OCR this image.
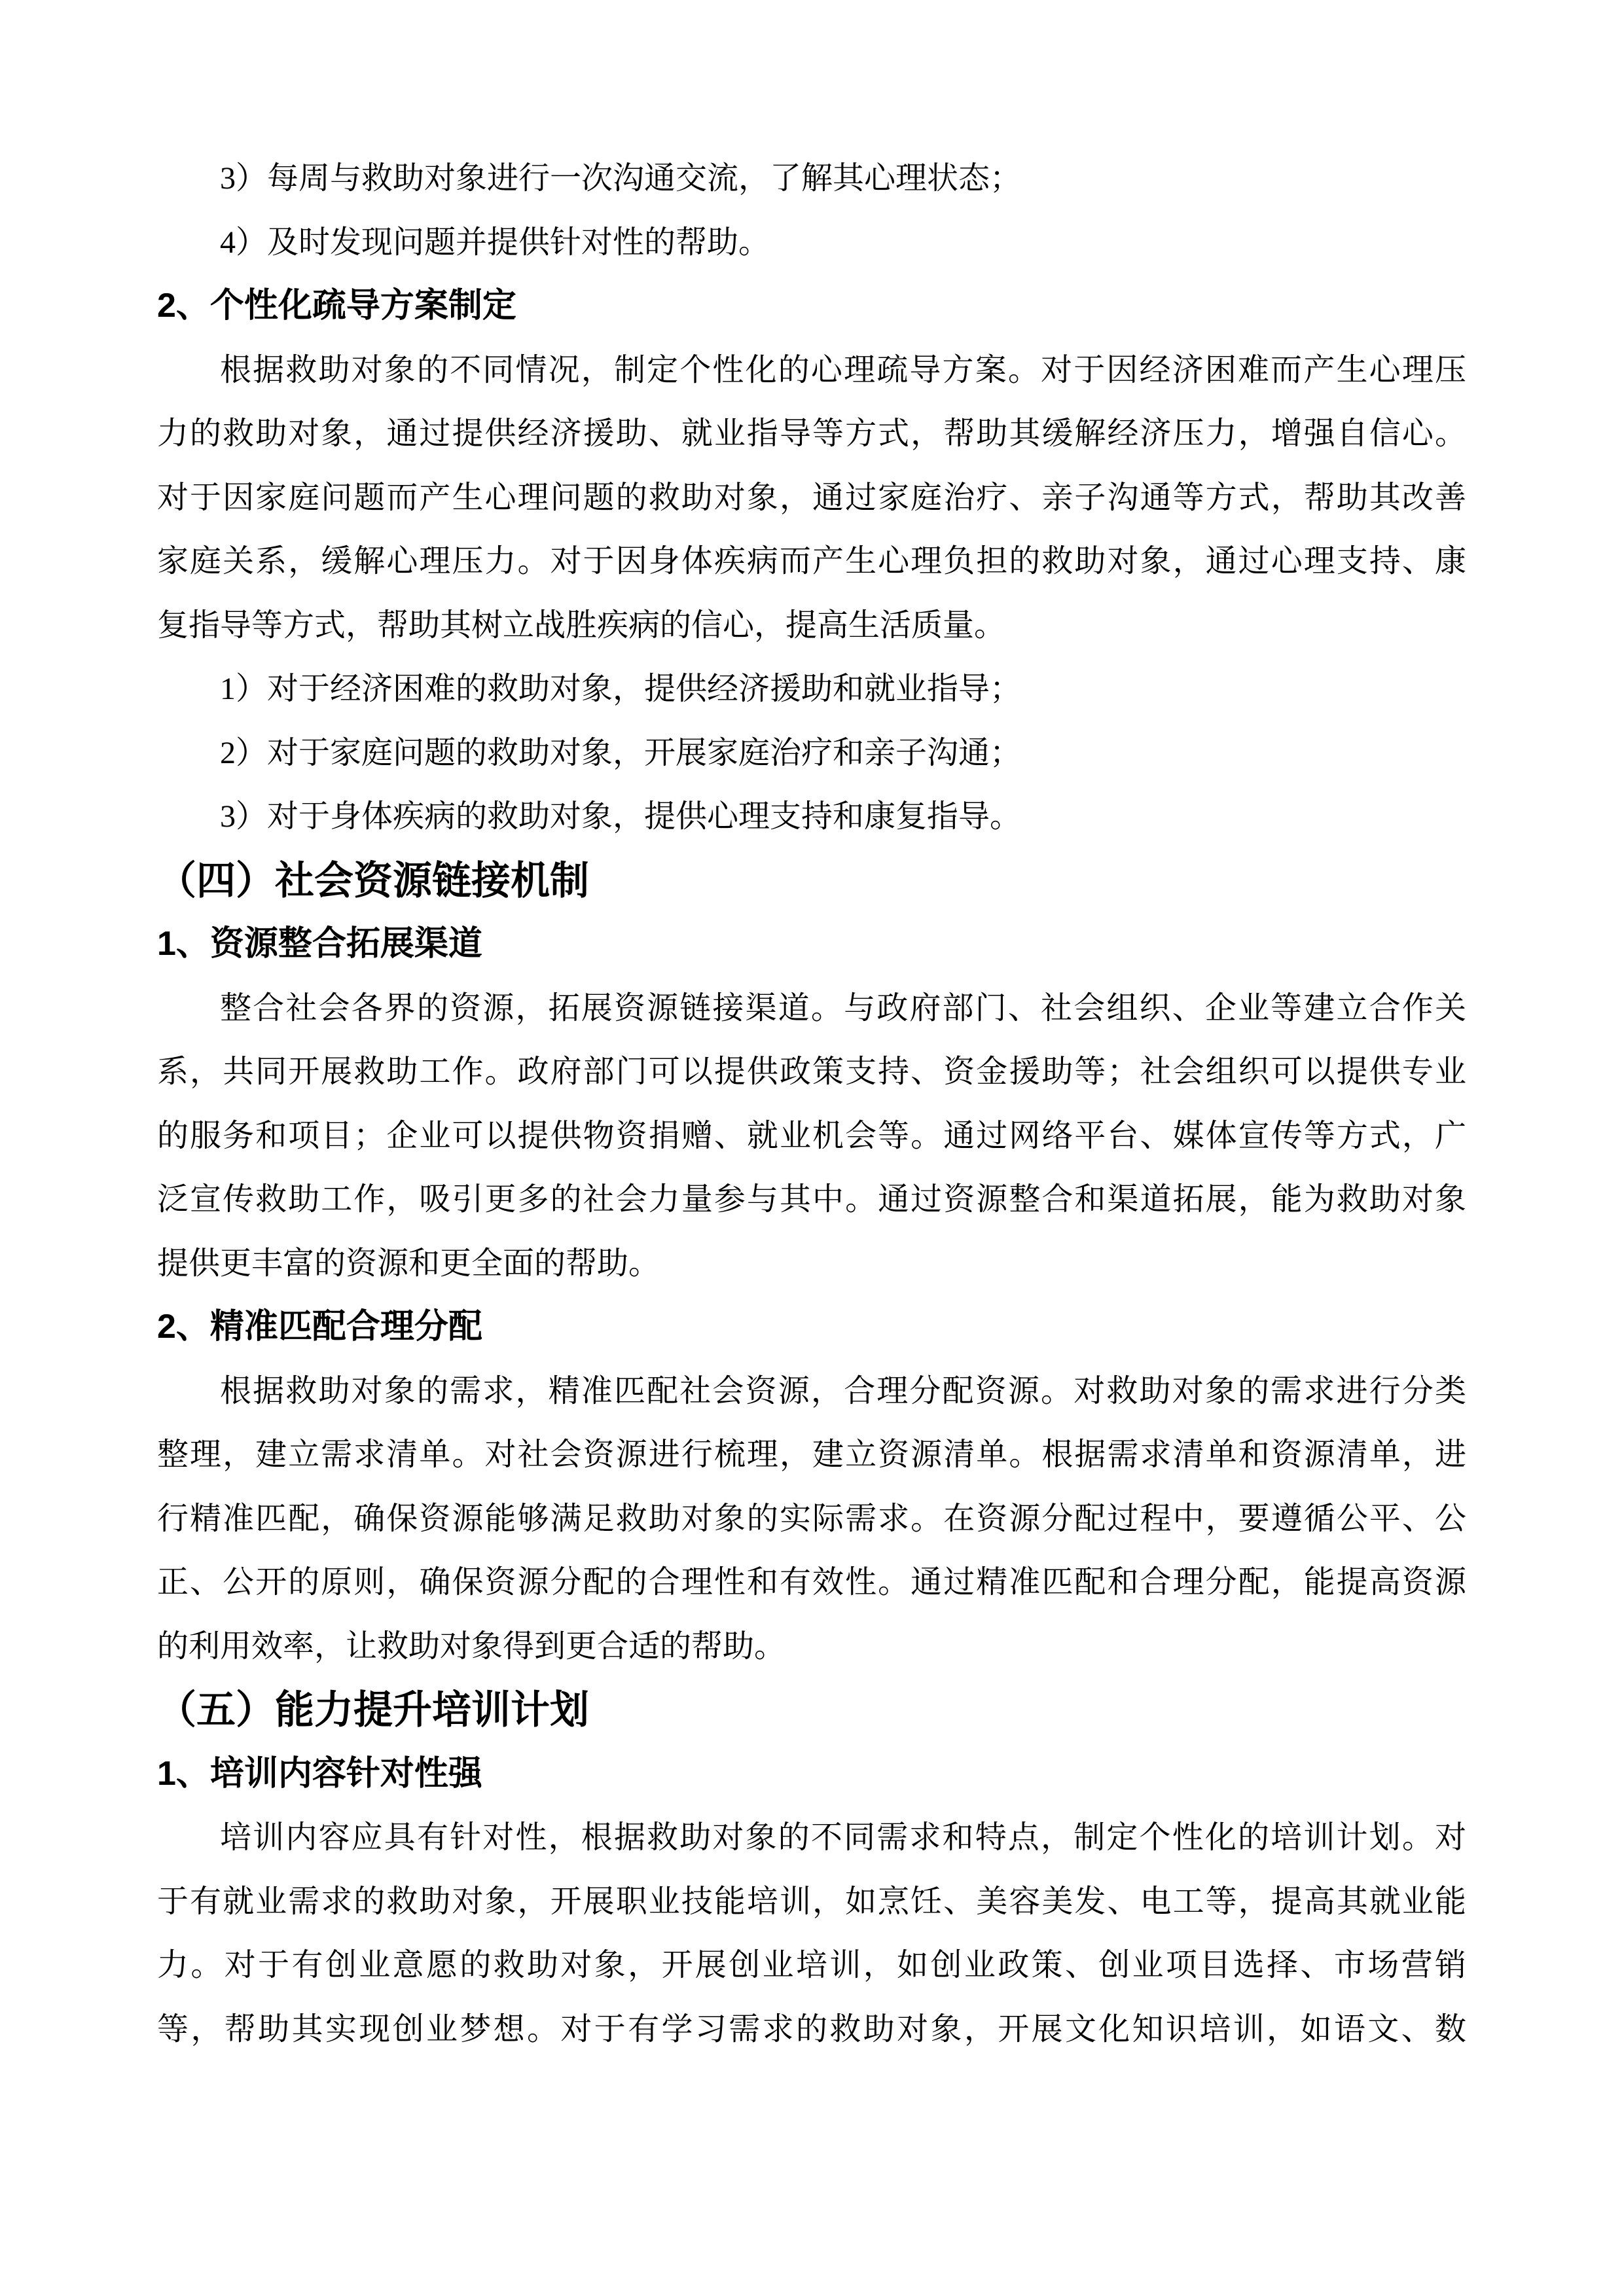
3）每周与救助对象进行一次沟通交流，了解其心理状态；
4）及时发现问题并提供针对性的帮助。
2、个性化疏导方案制定
根据救助对象的不同情况，制定个性化的心理疏导方案。对于因经济困难而产生心理压
力的救助对象，通过提供经济援助、就业指导等方式，帮助其缓解经济压力，增强自信心。
对于因家庭问题而产生心理问题的救助对象，通过家庭治疗、亲子沟通等方式，帮助其改善
家庭关系，缓解心理压力。对于因身体疾病而产生心理负担的救助对象，通过心理支持、康
复指导等方式，帮助其树立战胜疾病的信心，提高生活质量。
1）对于经济困难的救助对象，提供经济援助和就业指导；
2）对于家庭问题的救助对象，开展家庭治疗和亲子沟通；
3）对于身体疾病的救助对象，提供心理支持和康复指导。
（四）社会资源链接机制
1、资源整合拓展渠道
整合社会各界的资源，拓展资源链接渠道。与政府部门、社会组织、企业等建立合作关
系，共同开展救助工作。政府部门可以提供政策支持、资金援助等；社会组织可以提供专业
的服务和项目；企业可以提供物资捐赠、就业机会等。通过网络平台、媒体宣传等方式，广
泛宣传救助工作，吸引更多的社会力量参与其中。通过资源整合和渠道拓展，能为救助对象
提供更丰富的资源和更全面的帮助。
2、精准匹配合理分配
根据救助对象的需求，精准匹配社会资源，合理分配资源。对救助对象的需求进行分类
整理，建立需求清单。对社会资源进行梳理，建立资源清单。根据需求清单和资源清单，进
行精准匹配，确保资源能够满足救助对象的实际需求。在资源分配过程中，要遵循公平、公
正、公开的原则，确保资源分配的合理性和有效性。通过精准匹配和合理分配，能提高资源
的利用效率，让救助对象得到更合适的帮助。
（五）能力提升培训计划
1、培训内容针对性强
培训内容应具有针对性，根据救助对象的不同需求和特点，制定个性化的培训计划。对
于有就业需求的救助对象，开展职业技能培训，如烹饪、美容美发、电工等，提高其就业能
力。对于有创业意愿的救助对象，开展创业培训，如创业政策、创业项目选择、市场营销
等，帮助其实现创业梦想。对于有学习需求的救助对象，开展文化知识培训，如语文、数
